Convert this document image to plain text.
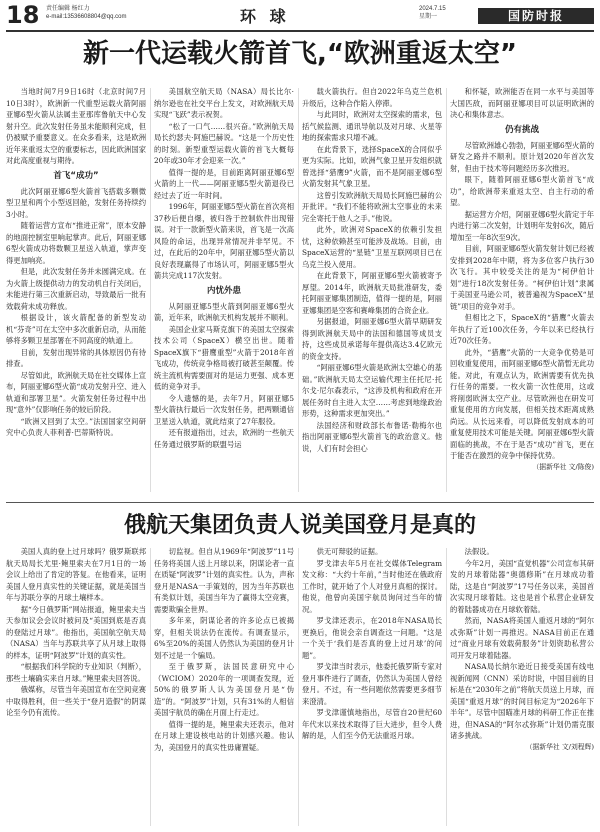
18 责任编辑 杨红力
e-mail:13536608804@qq.com	环 球	2024.7.15
星期一	国防时报
新一代运载火箭首飞,“欧洲重返太空”

当地时间7月9日16时（北京时间7月10日3时），欧洲新一代重型运载火箭阿丽亚娜6型火箭从法属圭亚那库鲁航天中心发射升空。此次发射任务虽未能顺利完成，但仍被赋予重要意义。在众多看来，这是欧洲近年来重返太空的重要标志，因此欧洲国家对此高度重视与期待。

首飞“成功”

此次阿丽亚娜6型火箭首飞搭载多颗微型卫星和两个小型返回舱，发射任务持续约3小时。

随着运营方宣布“推进正常”，原本安静的地面控制室里响起掌声。此后，阿丽亚娜6型火箭成功将数颗卫星送入轨道，掌声变得更加响亮。

但是，此次发射任务并未圆满完成。在为火箭上级提供动力的发动机自行关闭后，未能进行第三次重新启动，导致最后一批有效载荷未成功释放。

根据设计，该火箭配备的新型发动机“芬奇”可在太空中多次重新启动，从而能够将多颗卫星部署在不同高度的轨道上。

目前，发射出现异常的具体原因仍有待排查。

尽管如此，欧洲航天局在社交媒体上宣布，阿丽亚娜6型火箭“成功发射升空、进入轨道和部署卫星”。火箭发射任务过程中出现“意外”仅影响任务的较后阶段。

“欧洲又回到了太空。”法国国家空间研究中心负责人菲利普·巴蒂斯特说。

美国航空航天局（NASA）局长比尔·纳尔逊也在社交平台上发文，对欧洲航天局实现“飞跃”表示祝贺。

“松了一口气……很兴奋。”欧洲航天局局长约瑟夫·阿施巴赫说。“这是一个历史性的时刻。新型重型运载火箭的首飞大概每20年或30年才会迎来一次。”

值得一提的是，目前距离阿丽亚娜6型火箭的上一代——阿丽亚娜5型火箭退役已经过去了近一年时间。

1996年，阿丽亚娜5型火箭在首次亮相37秒后便自爆，被归咎于控制软件出现错误。对于一款新型火箭来说，首飞是一次高风险的命运，出现异常情况并非罕见。不过，在此后的20年中，阿丽亚娜5型火箭以良好表现赢得了市场认可，阿丽亚娜5型火箭共完成117次发射。

内忧外患

从阿丽亚娜5型火箭到阿丽亚娜6型火箭，近年来，欧洲航天机构发展并不顺利。

美国企业家马斯克旗下的美国太空探索技术公司（SpaceX）横空出世。随着SpaceX旗下“猎鹰重型”火箭于2018年首飞成功，传统竞争格局被打破甚至颠覆。传统主流机构需要面对的是运力更强、成本更低的竞争对手。

令人遗憾的是，去年7月，阿丽亚娜5型火箭执行最后一次发射任务，把两颗通信卫星送入轨道，就此结束了27年服役。

还有报道指出，过去，欧洲的一些航天任务通过俄罗斯的联盟号运

载火箭执行。但自2022年乌克兰危机升级后，这种合作陷入停滞。

与此同时，欧洲对太空探索的需求，包括气候监测、通讯导航以及对月球、火星等地的探索需求只增不减。

在此背景下，选择SpaceX的合同似乎更为实际。比如，欧洲气象卫星开发组织就曾选择“猎鹰9”火箭，而不是阿丽亚娜6型火箭发射其气象卫星。

这曾引发欧洲航天局局长阿施巴赫的公开批评。“我们不能将欧洲太空事业的未来完全寄托于他人之手。”他说。

此外，欧洲对SpaceX的依赖引发担忧，这种依赖甚至可能涉及战场。目前，由SpaceX运营的“星链”卫星互联网项目已在乌克兰投入使用。

在此背景下，阿丽亚娜6型火箭被寄予厚望。2014年，欧洲航天局批准研发，委托阿丽亚娜集团制造，值得一提的是，阿丽亚娜集团是空客和赛峰集团的合资企业。

另据报道，阿丽亚娜6型火箭早期研发得到欧洲航天局中的法国和德国等成员支持，这些成员承诺每年提供高达3.4亿欧元的资金支持。

“阿丽亚娜6型火箭是欧洲太空雄心的基础。”欧洲航天局太空运输代理主任托尼·托尔戈·尼尔森表示，“这涉及机构和政府在开展任务时自主进入太空……考虑到地缘政治形势，这种需求更加突出。”

法国经济和财政部长布鲁诺·勒梅尔也指出阿丽亚娜6型火箭首飞的政治意义。他说，人们有时会担心

和怀疑，欧洲能否在同一水平与美国等大国匹敌，而阿丽亚娜项目可以证明欧洲的决心和集体意志。

仍有挑战

尽管欧洲雄心勃勃，阿丽亚娜6型火箭的研发之路并不顺利。原计划2020年首次发射，但由于技术等问题经历多次推迟。

眼下，随着阿丽亚娜6型火箭首飞“成功”，给欧洲带来重返太空、自主行动的希望。

据运营方介绍，阿丽亚娜6型火箭定于年内进行第二次发射，计划明年发射6次，随后增加至一年8次至9次。

目前，阿丽亚娜6型火箭发射计划已经被安排到2028年中期，将为多位客户执行30次飞行。其中较受关注的是为“柯伊伯计划”进行18次发射任务。“柯伊伯计划”隶属于美国亚马逊公司，被普遍视为SpaceX“星链”项目的竞争对手。

但相比之下，SpaceX的“猎鹰”火箭去年执行了近100次任务，今年以来已经执行近70次任务。

此外，“猎鹰”火箭的一大竞争优势是可回收重复使用，而阿丽亚娜6型火箭暂无此功能。对此，有观点认为，欧洲需要有优先执行任务的需要。一枚火箭一次性使用，这或将削弱欧洲太空产业。尽管欧洲也在研发可重复使用的方向发展，但相关技术距离成熟尚远。从长远来看，可以降低发射成本的可重复使用技术可能是关键。阿丽亚娜6型火箭面临的挑战，不在于是否“成功”首飞，更在于能否在激烈的竞争中保持优势。

（据新华社 文/陈俊)
俄航天集团负责人说美国登月是真的

美国人真的登上过月球吗？俄罗斯联邦航天局局长尤里·鲍里索夫在7月1日的一场会议上给出了肯定的答复。在他看来，证明美国人登月真实性的关键证据，就是美国当年与苏联分享的月球土壤样本。

据“今日俄罗斯”网站报道，鲍里索夫当天参加议会会议时被问及“美国到底是否真的登陆过月球”。他指出，美国航空航天局（NASA）当年与苏联共享了从月球上取得的样本，证明“阿波罗”计划的真实性。

“根据我们科学院的专业知识（判断），那些土壤确实来自月球。”鲍里索夫回答说。

俄媒称，尽管当年美国宣布在空间竞赛中取得胜利，但一些关于“登月造假”的阴谋论至今仍有流传。

切监视。但自从1969年“阿波罗”11号任务将美国人送上月球以来，阴谋论者一直在质疑“阿波罗”计划的真实性。认为，声称登月是NASA一手策划的，因为当年苏联也有类似计划，美国当年为了赢得太空竞赛，需要欺骗全世界。

多年来，阴谋论者的许多论点已被揭穿，但相关说法仍在流传。有调查显示，6%至20%的美国人仍然认为美国的登月计划不过是一个骗局。

至于俄罗斯，法国民意研究中心（WCIOM）2020年的一项调查发现，近50%的俄罗斯人认为美国登月是“伪造”的。“阿波罗”计划，只有31%的人相信美国宇航员的确在月面上行走过。

值得一提的是，鲍里索夫还表示，他对在月球上建设核电站的计划感兴趣。他认为，美国登月的真实性毋庸置疑。

供无可辩驳的证据。

罗戈津去年5月在社交媒体Telegram发文称：“大约十年前，”当时他还在俄政府工作时，就开始了个人对登月真相的探讨。他说，他曾向美国宇航员询问过当年的情况。

罗戈津还表示，在2018年NASA局长更换后，他说会亲自调查这一问题。“这是一个关于‘我们是否真的登上过月球’的问题”。

罗戈津当时表示，他委托俄罗斯专家对登月事件进行了调查，仍然认为美国人曾经登月。不过，有一些问题依然需要更多细节来澄清。

罗戈津谨慎地指出，尽管自20世纪60年代末以来技术取得了巨大进步，但令人费解的是，人们至今仍无法重返月球。

法假设。

今年2月，美国“直觉机器”公司宣布其研发的月球着陆器“奥德修斯”在月球成功着陆，这是自“阿波罗”17号任务以来，美国首次实现月球着陆。这也是首个私营企业研发的着陆器成功在月球软着陆。

然而，NASA将美国人重返月球的“阿尔忒弥斯”计划一再推迟。NASA目前正在通过“商业月球有效载荷服务”计划资助私营公司开发月球着陆器。

NASA局长纳尔逊近日接受美国有线电视新闻网（CNN）采访时说，中国目前的目标是在“2030年之前”将航天员送上月球，而美国“重返月球”的时间目标定为“2026年下半年”。尽管中国瞄准月球的科研工作正在推进，但NASA的“阿尔忒弥斯”计划仍需克服诸多挑战。

（据新华社 文/刘程辉)
